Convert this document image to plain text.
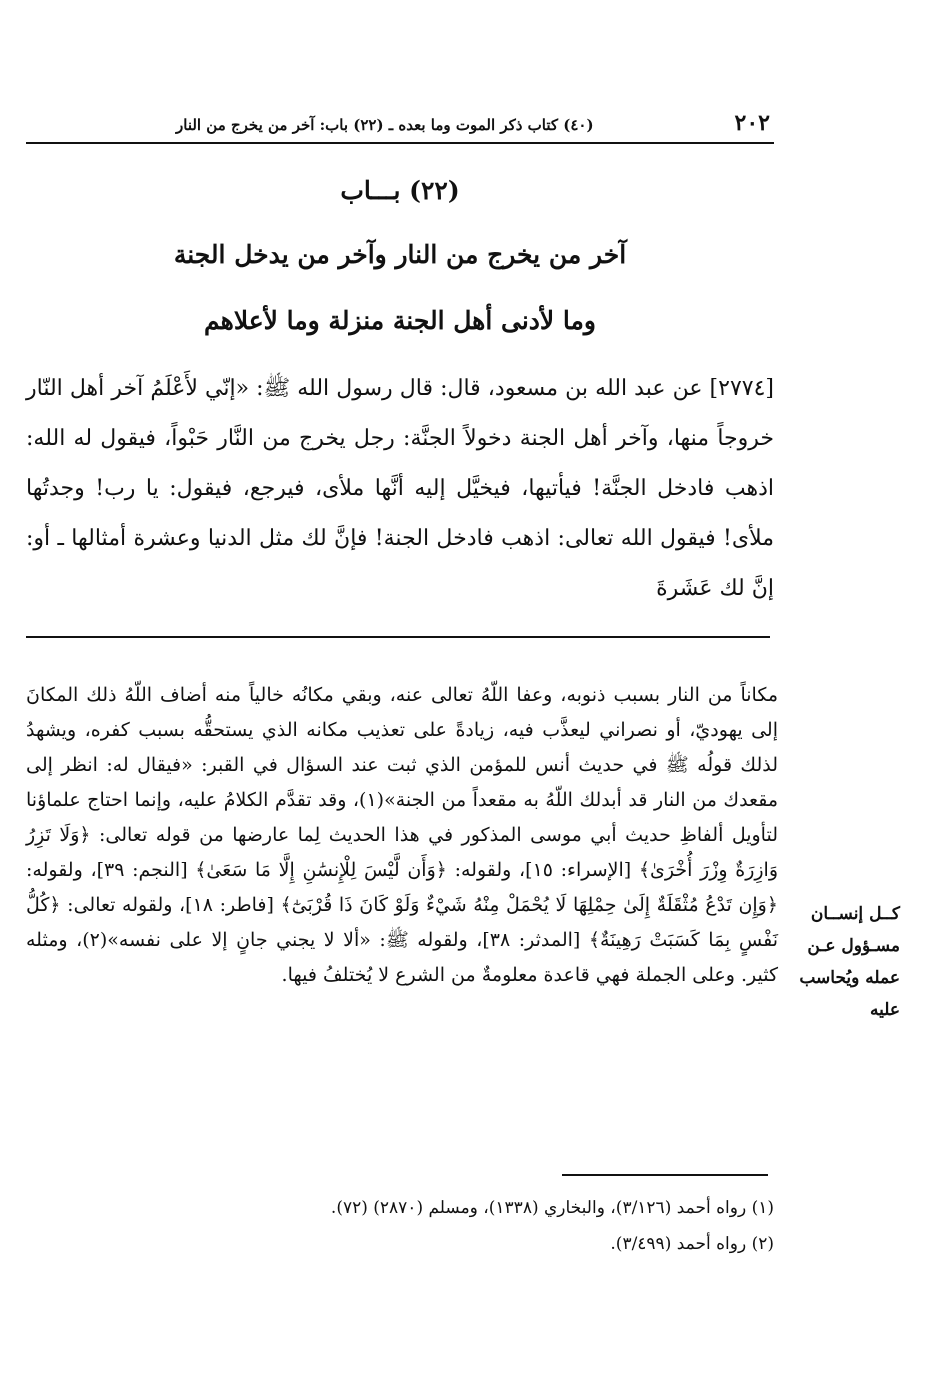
٢٠٢
(٤٠) كتاب ذكر الموت وما بعده ـ (٢٢) باب: آخر من يخرج من النار
(٢٢) بـــاب
آخر من يخرج من النار وآخر من يدخل الجنة
وما لأدنى أهل الجنة منزلة وما لأعلاهم
[٢٧٧٤] عن عبد الله بن مسعود، قال: قال رسول الله ﷺ: «إنّي لأَعْلَمُ آخر أهل النّار خروجاً منها، وآخر أهل الجنة دخولاً الجنَّة: رجل يخرج من النَّار حَبْواً، فيقول له الله: اذهب فادخل الجنَّة! فيأتيها، فيخيَّل إليه أنَّها ملأى، فيرجع، فيقول: يا رب! وجدتُها ملأى! فيقول الله تعالى: اذهب فادخل الجنة! فإنَّ لك مثل الدنيا وعشرة أمثالها ـ أو: إنَّ لك عَشَرةَ
مكاناً من النار بسبب ذنوبه، وعفا اللّهُ تعالى عنه، وبقي مكانُه خالياً منه أضاف اللّهُ ذلك المكانَ إلى يهوديّ، أو نصراني ليعذَّب فيه، زيادةً على تعذيب مكانه الذي يستحقُّه بسبب كفره، ويشهدُ لذلك قولُه ﷺ في حديث أنس للمؤمن الذي ثبت عند السؤال في القبر: «فيقال له: انظر إلى مقعدك من النار قد أبدلك اللّهُ به مقعداً من الجنة»(١)، وقد تقدَّم الكلامُ عليه، وإنما احتاج علماؤنا لتأويل ألفاظِ حديث أبي موسى المذكور في هذا الحديث لِما عارضها من قوله تعالى: ﴿وَلَا تَزِرُ وَازِرَةٌ وِزْرَ أُخْرَىٰ﴾ [الإسراء: ١٥]، ولقوله: ﴿وَأَن لَّيْسَ لِلْإِنسَٰنِ إِلَّا مَا سَعَىٰ﴾ [النجم: ٣٩]، ولقوله: ﴿وَإِن تَدْعُ مُثْقَلَةٌ إِلَىٰ حِمْلِهَا لَا يُحْمَلْ مِنْهُ شَيْءٌ وَلَوْ كَانَ ذَا قُرْبَىٰٓ﴾ [فاطر: ١٨]، ولقوله تعالى: ﴿كُلُّ نَفْسٍ بِمَا كَسَبَتْ رَهِينَةٌ﴾ [المدثر: ٣٨]، ولقوله ﷺ: «ألا لا يجني جانٍ إلا على نفسه»(٢)، ومثله كثير. وعلى الجملة فهي قاعدة معلومةٌ من الشرع لا يُختلفُ فيها.
كــل إنســان مسـؤول عـن عمله ويُحاسب عليه
(١) رواه أحمد (٣/١٢٦)، والبخاري (١٣٣٨)، ومسلم (٢٨٧٠) (٧٢).
(٢) رواه أحمد (٣/٤٩٩).
